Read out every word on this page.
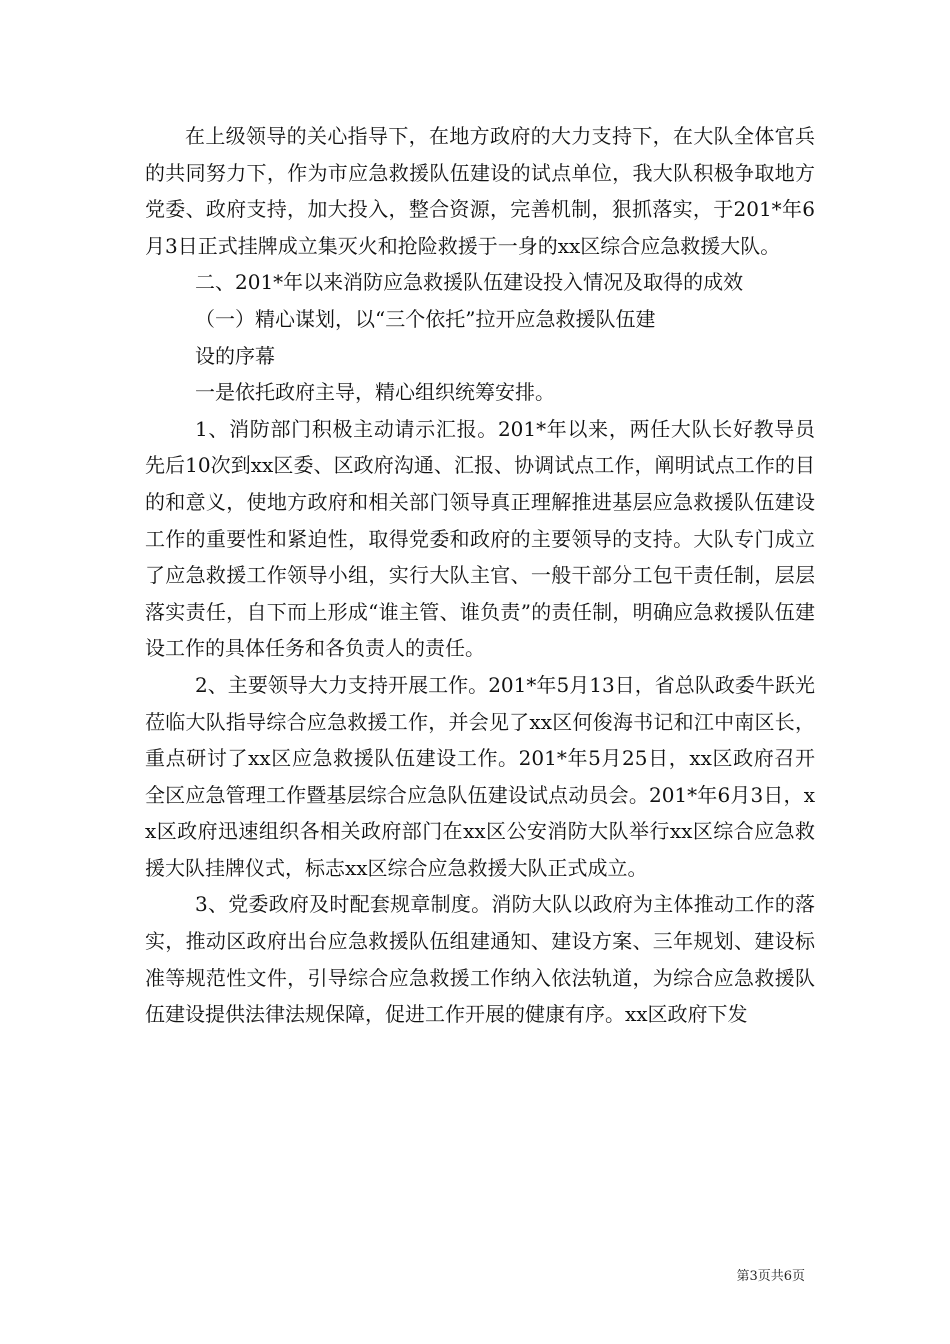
在上级领导的关心指导下，在地方政府的大力支持下，在大队全体官兵的共同努力下，作为市应急救援队伍建设的试点单位，我大队积极争取地方党委、政府支持，加大投入，整合资源，完善机制，狠抓落实，于201*年6月3日正式挂牌成立集灭火和抢险救援于一身的xx区综合应急救援大队。

二、201*年以来消防应急救援队伍建设投入情况及取得的成效

（一）精心谋划，以“三个依托”拉开应急救援队伍建

设的序幕

一是依托政府主导，精心组织统筹安排。

1、消防部门积极主动请示汇报。201*年以来，两任大队长好教导员先后10次到xx区委、区政府沟通、汇报、协调试点工作，阐明试点工作的目的和意义，使地方政府和相关部门领导真正理解推进基层应急救援队伍建设工作的重要性和紧迫性，取得党委和政府的主要领导的支持。大队专门成立了应急救援工作领导小组，实行大队主官、一般干部分工包干责任制，层层落实责任，自下而上形成“谁主管、谁负责”的责任制，明确应急救援队伍建设工作的具体任务和各负责人的责任。

2、主要领导大力支持开展工作。201*年5月13日，省总队政委牛跃光莅临大队指导综合应急救援工作，并会见了xx区何俊海书记和江中南区长，重点研讨了xx区应急救援队伍建设工作。201*年5月25日，xx区政府召开全区应急管理工作暨基层综合应急队伍建设试点动员会。201*年6月3日，xx区政府迅速组织各相关政府部门在xx区公安消防大队举行xx区综合应急救援大队挂牌仪式，标志xx区综合应急救援大队正式成立。

3、党委政府及时配套规章制度。消防大队以政府为主体推动工作的落实，推动区政府出台应急救援队伍组建通知、建设方案、三年规划、建设标准等规范性文件，引导综合应急救援工作纳入依法轨道，为综合应急救援队伍建设提供法律法规保障，促进工作开展的健康有序。xx区政府下发

第3页共6页
